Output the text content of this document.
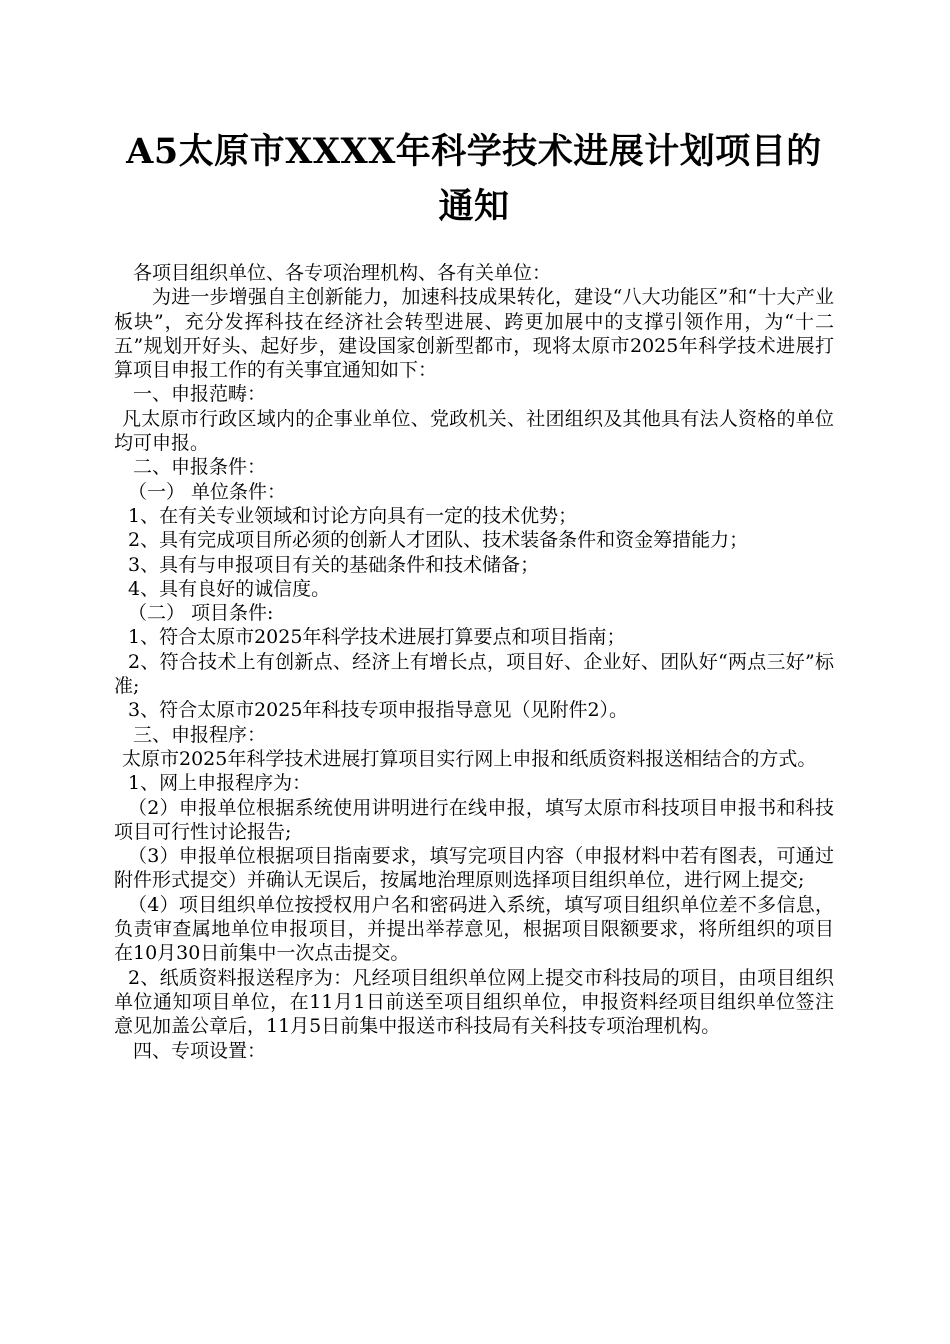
A5太原市XXXX年科学技术进展计划项目的通知

各项目组织单位、各专项治理机构、各有关单位：

为进一步增强自主创新能力，加速科技成果转化，建设“八大功能区”和“十大产业板块”，充分发挥科技在经济社会转型进展、跨更加展中的支撑引领作用，为“十二五”规划开好头、起好步，建设国家创新型都市，现将太原市2025年科学技术进展打算项目申报工作的有关事宜通知如下：

一、申报范畴：

凡太原市行政区域内的企事业单位、党政机关、社团组织及其他具有法人资格的单位均可申报。

二、申报条件：

（一） 单位条件：

1、在有关专业领域和讨论方向具有一定的技术优势；

2、具有完成项目所必须的创新人才团队、技术装备条件和资金筹措能力；

3、具有与申报项目有关的基础条件和技术储备；

4、具有良好的诚信度。

（二） 项目条件:

1、符合太原市2025年科学技术进展打算要点和项目指南；

2、符合技术上有创新点、经济上有增长点，项目好、企业好、团队好“两点三好”标准;

3、符合太原市2025年科技专项申报指导意见（见附件2）。

三、申报程序：

太原市2025年科学技术进展打算项目实行网上申报和纸质资料报送相结合的方式。

1、网上申报程序为：

（2）申报单位根据系统使用讲明进行在线申报，填写太原市科技项目申报书和科技项目可行性讨论报告;

（3）申报单位根据项目指南要求，填写完项目内容（申报材料中若有图表，可通过附件形式提交）并确认无误后，按属地治理原则选择项目组织单位，进行网上提交;

（4）项目组织单位按授权用户名和密码进入系统，填写项目组织单位差不多信息，负责审查属地单位申报项目，并提出举荐意见，根据项目限额要求，将所组织的项目在10月30日前集中一次点击提交。

2、纸质资料报送程序为：凡经项目组织单位网上提交市科技局的项目，由项目组织单位通知项目单位，在11月1日前送至项目组织单位，申报资料经项目组织单位签注意见加盖公章后，11月5日前集中报送市科技局有关科技专项治理机构。

四、专项设置：
